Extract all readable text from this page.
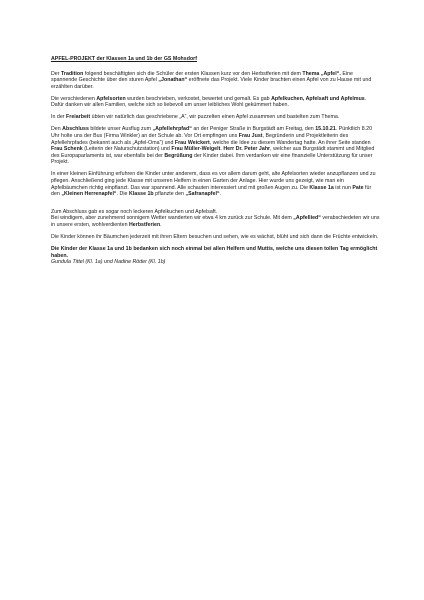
APFEL-PROJEKT der Klassen 1a und 1b der GS Mohsdorf

Der Tradition folgend beschäftigten sich die Schüler der ersten Klassen kurz vor den Herbstferien mit dem Thema „Apfel“. Eine spannende Geschichte über den sturen Apfel „Jonathan“ eröffnete das Projekt. Viele Kinder brachten einen Apfel von zu Hause mit und erzählten darüber.

Die verschiedenen Apfelsorten wurden beschrieben, verkostet, bewertet und gemalt. Es gab Apfelkuchen, Apfelsaft und Apfelmus. Dafür danken wir allen Familien, welche sich so liebevoll um unser leibliches Wohl gekümmert haben.

In der Freiarbeit übten wir natürlich das geschriebene „A“, wir puzzelten einen Apfel zusammen und bastelten zum Thema.

Den Abschluss bildete unser Ausflug zum „Apfellehrpfad“ an der Peniger Straße in Burgstädt am Freitag, den 15.10.21. Pünktlich 8.20 Uhr holte uns der Bus (Firma Winkler) an der Schule ab. Vor Ort empfingen uns Frau Just, Begründerin und Projektleiterin des Apfellehrpfades (bekannt auch als „Apfel-Oma“) und Frau Weickert, welche die Idee zu diesem Wandertag hatte. An ihrer Seite standen Frau Schenk (Leiterin der Naturschutzstation) und Frau Müller-Weigelt. Herr Dr. Peter Jahr, welcher aus Burgstädt stammt und Mitglied des Europaparlaments ist, war ebenfalls bei der Begrüßung der Kinder dabei. Ihm verdanken wir eine finanzielle Unterstützung für unser Projekt.

In einer kleinen Einführung erfuhren die Kinder unter anderem, dass es vor allem darum geht, alte Apfelsorten wieder anzupflanzen und zu pflegen. Anschließend ging jede Klasse mit unseren Helfern in einen Garten der Anlage. Hier wurde uns gezeigt, wie man ein Apfelbäumchen richtig einpflanzt. Das war spannend. Alle schauten interessiert und mit großen Augen zu. Die Klasse 1a ist nun Pate für den „Kleinen Herrenapfel“. Die Klasse 1b pflanzte den „Safranapfel“.

Zum Abschluss gab es sogar noch leckeren Apfelkuchen und Apfelsaft.

Bei windigem, aber zunehmend sonnigem Wetter wanderten wir etwa 4 km zurück zur Schule. Mit dem „Apfellied“ verabschiedeten wir uns in unsere ersten, wohlverdienten Herbstferien.

Die Kinder können ihr Bäumchen jederzeit mit ihren Eltern besuchen und sehen, wie es wächst, blüht und sich dann die Früchte entwickeln.

Die Kinder der Klasse 1a und 1b bedanken sich noch einmal bei allen Helfern und Muttis, welche uns diesen tollen Tag ermöglicht haben.

Gundula Tittel (Kl. 1a) und Nadine Röder (Kl. 1b)
